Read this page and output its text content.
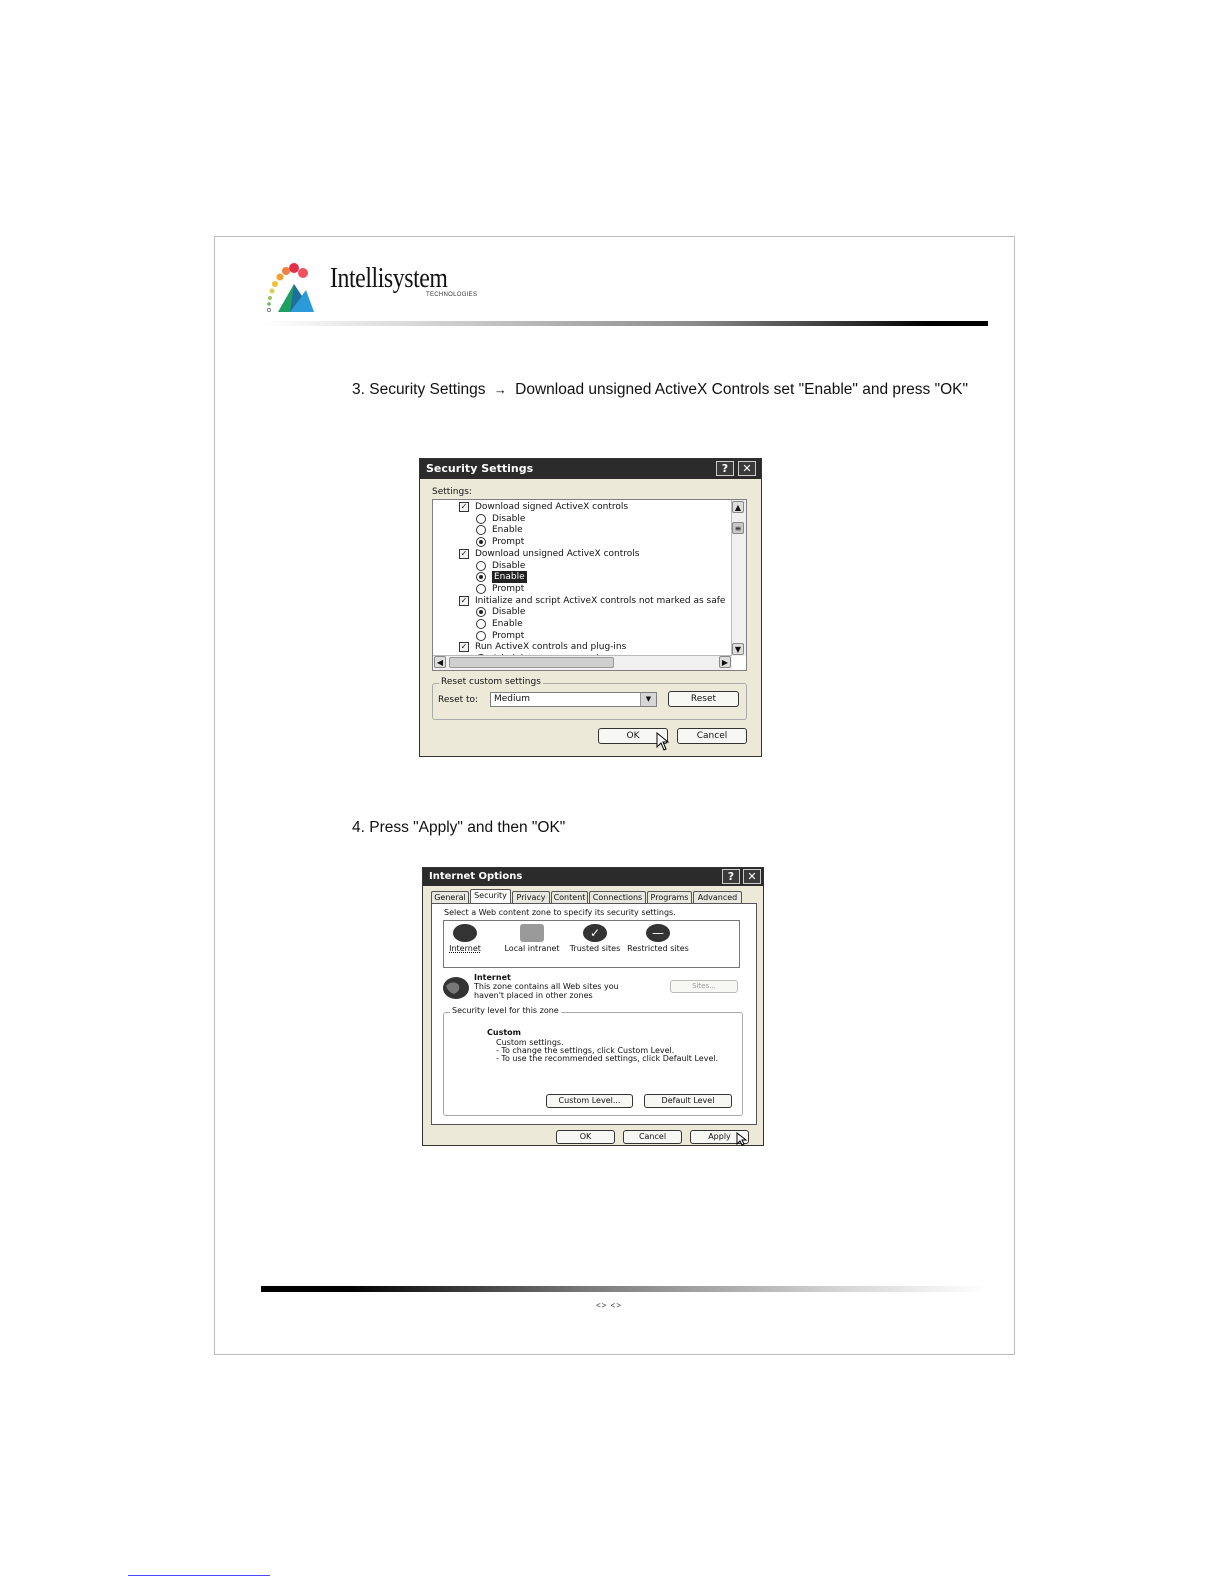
Intellisystem
TECHNOLOGIES
3. Security Settings → Download unsigned ActiveX Controls set "Enable" and press "OK"
Security Settings	?	✕
Settings:
✓ Run ActiveX controls and plug-ins
Prompt
Enable
Disable
✓ Initialize and script ActiveX controls not marked as safe
Prompt
Enable
Disable
✓ Download unsigned ActiveX controls
Prompt
Enable
Disable
✓ Download signed ActiveX controls	▲
≡
▼
◀	▶
Reset custom settings
Reset to:	Medium	▼	Reset
OK	Cancel
4. Press "Apply" and then "OK"
Internet Options	?	✕
General	Security	Privacy	Content Connections	Programs	Advanced
Select a Web content zone to specify its security settings.
Internet	Local intranet
✓
Trusted sites
—
Restricted sites
Internet
This zone contains all Web sites you
haven't placed in other zones
Sites...
Security level for this zone
Custom
Custom settings.
- To change the settings, click Custom Level.
- To use the recommended settings, click Default Level.
Custom Level...	Default Level
OK	Cancel	Apply
<> <>
